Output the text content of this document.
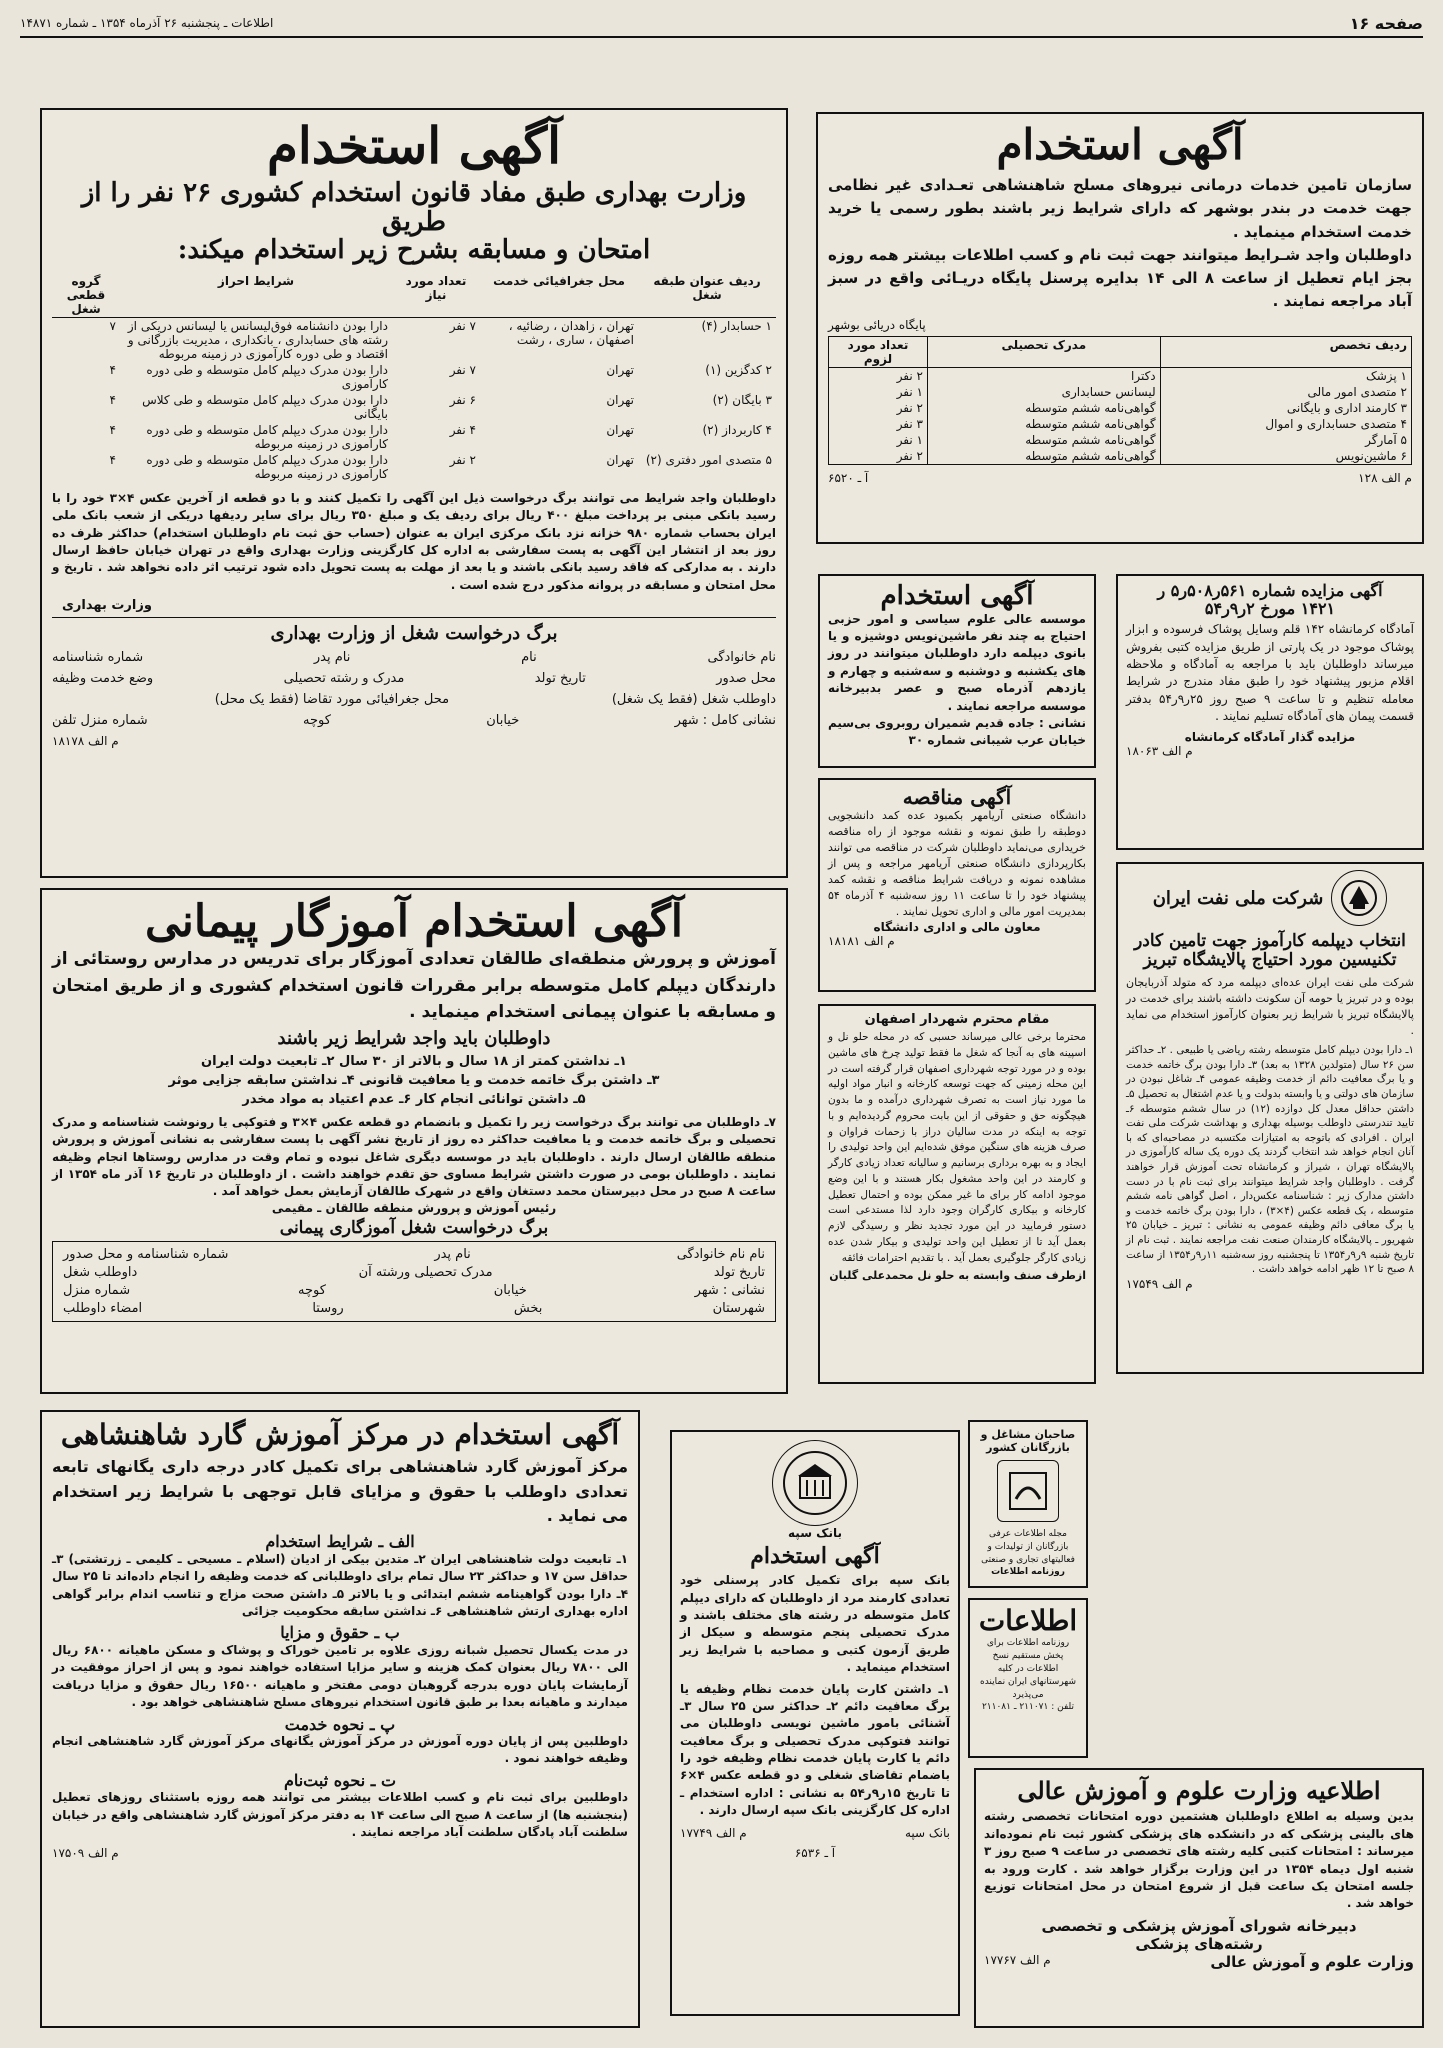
صفحه ۱۶
اطلاعات ـ پنجشنبه ۲۶ آذرماه ۱۳۵۴ ـ شماره ۱۴۸۷۱
آگهی استخدام

سازمان تامین خدمات درمانی نیروهای مسلح شاهنشاهی تعـدادی غیر نظامی جهت خدمت در بندر بوشهر که دارای شرایط زیر باشند بطور رسمی یا خرید خدمت استخدام مینماید .

داوطلبان واجد شـرایط میتوانند جهت ثبت نام و کسب اطلاعات بیشتر همه روزه بجز ایام تعطیل از ساعت ۸ الی ۱۴ بدایره پرسنل پایگاه دریـائی واقع در سبز آباد مراجعه نمایند .

پایگاه دریائی بوشهر
ردیف تخصص	مدرک تحصیلی	تعداد مورد لزوم
۱ پزشک	دکترا	۲ نفر
۲ متصدی امور مالی	لیسانس حسابداری	۱ نفر
۳ کارمند اداری و بایگانی	گواهی‌نامه ششم متوسطه	۲ نفر
۴ متصدی حسابداری و اموال	گواهی‌نامه ششم متوسطه	۳ نفر
۵ آمارگر	گواهی‌نامه ششم متوسطه	۱ نفر
۶ ماشین‌نویس	گواهی‌نامه ششم متوسطه	۲ نفر
م الف ۱۲۸
آ ـ ۶۵۲۰
آگهی استخدام
وزارت بهداری طبق مفاد قانون استخدام کشوری ۲۶ نفر را از طریق
امتحان و مسابقه بشرح زیر استخدام میکند:
ردیف عنوان طبقه شغل	محل جغرافیائی خدمت	تعداد مورد نیاز	شرایط احراز	گروه قطعی شغل
۱ حسابدار (۴)	تهران ، زاهدان ، رضائیه ، اصفهان ، ساری ، رشت	۷ نفر	دارا بودن دانشنامه فوق‌لیسانس یا لیسانس دریکی از رشته های حسابداری ، بانکداری ، مدیریت بازرگانی و اقتصاد و طی دوره کارآموزی در زمینه مربوطه	۷
۲ کدگزین (۱)	تهران	۷ نفر	دارا بودن مدرک دیپلم کامل متوسطه و طی دوره کارآموزی	۴
۳ بایگان (۲)	تهران	۶ نفر	دارا بودن مدرک دیپلم کامل متوسطه و طی کلاس بایگانی	۴
۴ کاربرداز (۲)	تهران	۴ نفر	دارا بودن مدرک دیپلم کامل متوسطه و طی دوره کارآموزی در زمینه مربوطه	۴
۵ متصدی امور دفتری (۲)	تهران	۲ نفر	دارا بودن مدرک دیپلم کامل متوسطه و طی دوره کارآموزی در زمینه مربوطه	۴

داوطلبان واجد شرایط می توانند برگ درخواست ذیل این آگهی را تکمیل کنند و با دو قطعه از آخرین عکس ۴×۳ خود را با رسید بانکی مبنی بر پرداخت مبلغ ۴۰۰ ریال برای ردیف یک و مبلغ ۳۵۰ ریال برای سایر ردیفها دریکی از شعب بانک ملی ایران بحساب شماره ۹۸۰ خزانه نزد بانک مرکزی ایران به عنوان (حساب حق ثبت نام داوطلبان استخدام) حداکثر ظرف ده روز بعد از انتشار این آگهی به پست سفارشی به اداره کل کارگزینی وزارت بهداری واقع در تهران خیابان حافظ ارسال دارند . به مدارکی که فاقد رسید بانکی باشند و یا بعد از مهلت به پست تحویل داده شود ترتیب اثر داده نخواهد شد . تاریخ و محل امتحان و مسابقه در پروانه مذکور درج شده است .

وزارت بهداری
برگ درخواست شغل از وزارت بهداری
نام خانوادگی
نام
نام پدر
شماره شناسنامه
محل صدور
تاریخ تولد
مدرک و رشته تحصیلی
وضع خدمت وظیفه
داوطلب شغل (فقط یک شغل)
محل جغرافیائی مورد تقاضا (فقط یک محل)
نشانی کامل : شهر
خیابان
کوچه
شماره منزل تلفن
م الف ۱۸۱۷۸
آگهی مزایده شماره ۵۶۱ر۵۰۸ر۵ ر
۱۴۲۱ مورخ ۲ر۹ر۵۴

آمادگاه کرمانشاه ۱۴۲ قلم وسایل پوشاک فرسوده و ابزار پوشاک موجود در یک پارتی از طریق مزایده کتبی بفروش میرساند داوطلبان باید با مراجعه به آمادگاه و ملاحظه اقلام مزبور پیشنهاد خود را طبق مفاد مندرج در شرایط معامله تنظیم و تا ساعت ۹ صبح روز ۲۵ر۹ر۵۴ بدفتر قسمت پیمان های آمادگاه تسلیم نمایند .

مزایده گذار آمادگاه کرمانشاه
م الف ۱۸۰۶۳
آگهی استخدام

موسسه عالی علوم سیاسی و امور حزبی احتیاج به چند نفر ماشین‌نویس دوشیزه و یا بانوی دیپلمه دارد داوطلبان میتوانند در روز های یکشنبه و دوشنبه و سه‌شنبه و چهارم و یازدهم آذرماه صبح و عصر بدبیرخانه موسسه مراجعه نمایند .

نشانی : جاده قدیم شمیران روبروی بی‌سیم خیابان عرب شیبانی شماره ۳۰

آگهی مناقصه

دانشگاه صنعتی آریامهر بکمبود عده کمد دانشجویی دوطبقه را طبق نمونه و نقشه موجود از راه مناقصه خریداری می‌نماید داوطلبان شرکت در مناقصه می توانند بکارپردازی دانشگاه صنعتی آریامهر مراجعه و پس از مشاهده نمونه و دریافت شرایط مناقصه و نقشه کمد پیشنهاد خود را تا ساعت ۱۱ روز سه‌شنبه ۴ آذرماه ۵۴ بمدیریت امور مالی و اداری تحویل نمایند .

معاون مالی و اداری دانشگاه
م الف ۱۸۱۸۱
مقام محترم شهردار اصفهان

محترما برخی عالی میرساند حسبی که در محله حلو نل و اسپینه های به آنجا که شغل ما فقط تولید چرخ های ماشین بوده و در مورد توجه شهرداری اصفهان قرار گرفته است در این محله زمینی که جهت توسعه کارخانه و انبار مواد اولیه ما مورد نیاز است به تصرف شهرداری درآمده و ما بدون هیچگونه حق و حقوقی از این بابت محروم گردیده‌ایم و با توجه به اینکه در مدت سالیان دراز با زحمات فراوان و صرف هزینه های سنگین موفق شده‌ایم این واحد تولیدی را ایجاد و به بهره برداری برسانیم و سالیانه تعداد زیادی کارگر و کارمند در این واحد مشغول بکار هستند و با این وضع موجود ادامه کار برای ما غیر ممکن بوده و احتمال تعطیل کارخانه و بیکاری کارگران وجود دارد لذا مستدعی است دستور فرمایید در این مورد تجدید نظر و رسیدگی لازم بعمل آید تا از تعطیل این واحد تولیدی و بیکار شدن عده زیادی کارگر جلوگیری بعمل آید . با تقدیم احترامات فائقه

ازطرف صنف وابسته به حلو نل محمدعلی گلبان
شرکت ملی نفت ایران
انتخاب دیپلمه کارآموز جهت تامین کادر تکنیسین مورد احتیاج پالایشگاه تبریز

شرکت ملی نفت ایران عده‌ای دیپلمه مرد که متولد آذربایجان بوده و در تبریز یا حومه آن سکونت داشته باشند برای خدمت در پالایشگاه تبریز با شرایط زیر بعنوان کارآموز استخدام می نماید .

۱ـ دارا بودن دیپلم کامل متوسطه رشته ریاضی یا طبیعی . ۲ـ حداکثر سن ۲۶ سال (متولدین ۱۳۲۸ به بعد) ۳ـ دارا بودن برگ خاتمه خدمت و یا برگ معافیت دائم از خدمت وظیفه عمومی ۴ـ شاغل نبودن در سازمان های دولتی و یا وابسته بدولت و یا عدم اشتغال به تحصیل ۵ـ داشتن حداقل معدل کل دوازده (۱۲) در سال ششم متوسطه ۶ـ تایید تندرستی داوطلب بوسیله بهداری و بهداشت شرکت ملی نفت ایران . افرادی که باتوجه به امتیازات مکتسبه در مصاحبه‌ای که با آنان انجام خواهد شد انتخاب گردند یک دوره یک ساله کارآموزی در پالایشگاه تهران ، شیراز و کرمانشاه تحت آموزش قرار خواهند گرفت . داوطلبان واجد شرایط میتوانند برای ثبت نام با در دست داشتن مدارک زیر : شناسنامه عکس‌دار ، اصل گواهی نامه ششم متوسطه ، یک قطعه عکس (۴×۳) ، دارا بودن برگ خاتمه خدمت و یا برگ معافی دائم وظیفه عمومی به نشانی : تبریز ـ خیابان ۲۵ شهریور ـ پالایشگاه کارمندان صنعت نفت مراجعه نمایند . ثبت نام از تاریخ شنبه ۹ر۹ر۱۳۵۴ تا پنجشنبه روز سه‌شنبه ۱۱ر۹ر۱۳۵۴ از ساعت ۸ صبح تا ۱۲ ظهر ادامه خواهد داشت .

م الف ۱۷۵۴۹
آگهی استخدام آموزگار پیمانی

آموزش و پرورش منطقه‌ای طالقان تعدادی آموزگار برای تدریس در مدارس روستائی از دارندگان دیپلم کامل متوسطه برابر مقررات قانون استخدام کشوری و از طریق امتحان و مسابقه با عنوان پیمانی استخدام مینماید .

داوطلبان باید واجد شرایط زیر باشند
۱ـ نداشتن کمتر از ۱۸ سال و بالاتر از ۳۰ سال ۲ـ تابعیت دولت ایران
۳ـ داشتن برگ خاتمه خدمت و یا معافیت قانونی ۴ـ نداشتن سابقه جزایی موثر
۵ـ داشتن توانائی انجام کار ۶ـ عدم اعتیاد به مواد مخدر

۷ـ داوطلبان می توانند برگ درخواست زیر را تکمیل و بانضمام دو قطعه عکس ۴×۳ و فتوکپی یا رونوشت شناسنامه و مدرک تحصیلی و برگ خاتمه خدمت و یا معافیت حداکثر ده روز از تاریخ نشر آگهی با پست سفارشی به نشانی آموزش و پرورش منطقه طالقان ارسال دارند . داوطلبان باید در موسسه دیگری شاغل نبوده و تمام وقت در مدارس روستاها انجام وظیفه نمایند . داوطلبان بومی در صورت داشتن شرایط مساوی حق تقدم خواهند داشت . از داوطلبان در تاریخ ۱۶ آذر ماه ۱۳۵۴ از ساعت ۸ صبح در محل دبیرستان محمد دستغان واقع در شهرک طالقان آزمایش بعمل خواهد آمد .

رئیس آموزش و پرورش منطقه طالقان ـ مقیمی
برگ درخواست شغل آموزگاری پیمانی
نام نام خانوادگی
نام پدر
شماره شناسنامه و محل صدور
تاریخ تولد
مدرک تحصیلی ورشته آن
داوطلب شغل
نشانی : شهر
خیابان
کوچه
شماره منزل
شهرستان
بخش
روستا
امضاء داوطلب
آگهی استخدام در مرکز آموزش گارد شاهنشاهی

مرکز آموزش گارد شاهنشاهی برای تکمیل کادر درجه داری یگانهای تابعه تعدادی داوطلب با حقوق و مزایای قابل توجهی با شرایط زیر استخدام می نماید .

الف ـ شرایط استخدام

۱ـ تابعیت دولت شاهنشاهی ایران ۲ـ متدین بیکی از ادیان (اسلام ـ مسیحی ـ کلیمی ـ زرتشتی) ۳ـ حداقل سن ۱۷ و حداکثر ۲۳ سال تمام برای داوطلبانی که خدمت وظیفه را انجام داده‌اند تا ۲۵ سال ۴ـ دارا بودن گواهینامه ششم ابتدائی و یا بالاتر ۵ـ داشتن صحت مزاج و تناسب اندام برابر گواهی اداره بهداری ارتش شاهنشاهی ۶ـ نداشتن سابقه محکومیت جزائی

ب ـ حقوق و مزایا

در مدت یکسال تحصیل شبانه روزی علاوه بر تامین خوراک و پوشاک و مسکن ماهیانه ۶۸۰۰ ریال الی ۷۸۰۰ ریال بعنوان کمک هزینه و سایر مزایا استفاده خواهند نمود و پس از احراز موفقیت در آزمایشات پایان دوره بدرجه گروهبان دومی مفتخر و ماهیانه ۱۶۵۰۰ ریال حقوق و مزایا دریافت میدارند و ماهیانه بعدا بر طبق قانون استخدام نیروهای مسلح شاهنشاهی خواهد بود .

پ ـ نحوه خدمت

داوطلبین پس از پایان دوره آموزش در مرکز آموزش یگانهای مرکز آموزش گارد شاهنشاهی انجام وظیفه خواهند نمود .

ت ـ نحوه ثبت‌نام

داوطلبین برای ثبت نام و کسب اطلاعات بیشتر می توانند همه روزه باستثنای روزهای تعطیل (بنجشنبه ها) از ساعت ۸ صبح الی ساعت ۱۴ به دفتر مرکز آموزش گارد شاهنشاهی واقع در خیابان سلطنت آباد پادگان سلطنت آباد مراجعه نمایند .

م الف ۱۷۵۰۹
بانک سپه
آگهی استخدام

بانک سپه برای تکمیل کادر پرسنلی خود تعدادی کارمند مرد از داوطلبان که دارای دیپلم کامل متوسطه در رشته های مختلف باشند و مدرک تحصیلی پنجم متوسطه و سیکل از طریق آزمون کتبی و مصاحبه با شرایط زیر استخدام مینماید .

۱ـ داشتن کارت پایان خدمت نظام وظیفه یا برگ معافیت دائم ۲ـ حداکثر سن ۲۵ سال ۳ـ آشنائی بامور ماشین نویسی داوطلبان می توانند فتوکپی مدرک تحصیلی و برگ معافیت دائم یا کارت پایان خدمت نظام وظیفه خود را باضمام تقاضای شغلی و دو قطعه عکس ۴×۶ تا تاریخ ۱۵ر۹ر۵۴ به نشانی : اداره استخدام ـ اداره کل کارگزینی بانک سپه ارسال دارند .

بانک سپه
م الف ۱۷۷۴۹
آ ـ ۶۵۳۶
صاحبان مشاغل و بازرگانان کشور

مجله اطلاعات عرفی بازرگانان از تولیدات و فعالیتهای تجاری و صنعتی

روزنامه اطلاعات
اطلاعات

روزنامه اطلاعات برای پخش مستقیم نسخ اطلاعات در کلیه شهرستانهای ایران نماینده می‌پذیرد

تلفن : ۲۱۱۰۷۱ ـ ۲۱۱۰۸۱
اطلاعیه وزارت علوم و آموزش عالی

بدین وسیله به اطلاع داوطلبان هشتمین دوره امتحانات تخصصی رشته های بالینی پزشکی که در دانشکده های پزشکی کشور ثبت نام نموده‌اند میرساند : امتحانات کتبی کلیه رشته های تخصصی در ساعت ۹ صبح روز ۳ شنبه اول دیماه ۱۳۵۴ در این وزارت برگزار خواهد شد . کارت ورود به جلسه امتحان یک ساعت قبل از شروع امتحان در محل امتحانات توزیع خواهد شد .

دبیرخانه شورای آموزش پزشکی و تخصصی
رشته‌های پزشکی
وزارت علوم و آموزش عالی
م الف ۱۷۷۶۷
